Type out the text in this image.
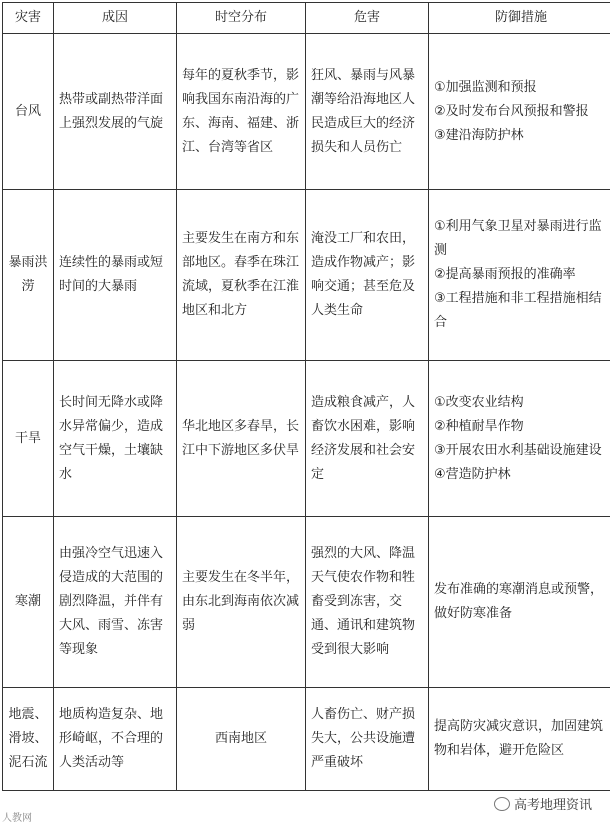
灾害	成因	时空分布	危害	防御措施
台风	热带或副热带洋面上强烈发展的气旋	每年的夏秋季节，影响我国东南沿海的广东、海南、福建、浙江、台湾等省区	狂风、暴雨与风暴潮等给沿海地区人民造成巨大的经济损失和人员伤亡	①加强监测和预报
②及时发布台风预报和警报
③建沿海防护林

暴雨洪涝	连续性的暴雨或短时间的大暴雨	主要发生在南方和东部地区。春季在珠江流域，夏秋季在江淮地区和北方	淹没工厂和农田，造成作物减产；影响交通；甚至危及人类生命	①利用气象卫星对暴雨进行监测
②提高暴雨预报的准确率
③工程措施和非工程措施相结合

干旱	长时间无降水或降水异常偏少，造成空气干燥，土壤缺水	华北地区多春旱，长江中下游地区多伏旱	造成粮食减产，人畜饮水困难，影响经济发展和社会安定	①改变农业结构
②种植耐旱作物
③开展农田水利基础设施建设
④营造防护林

寒潮	由强冷空气迅速入侵造成的大范围的剧烈降温，并伴有大风、雨雪、冻害等现象	主要发生在冬半年，由东北到海南依次减弱	强烈的大风、降温天气使农作物和牲畜受到冻害，交通、通讯和建筑物受到很大影响	发布准确的寒潮消息或预警，做好防寒准备

地震、滑坡、泥石流	地质构造复杂、地形崎岖，不合理的人类活动等	西南地区	人畜伤亡、财产损失大，公共设施遭严重破坏	提高防灾减灾意识，加固建筑物和岩体，避开危险区
高考地理资讯
人教网
